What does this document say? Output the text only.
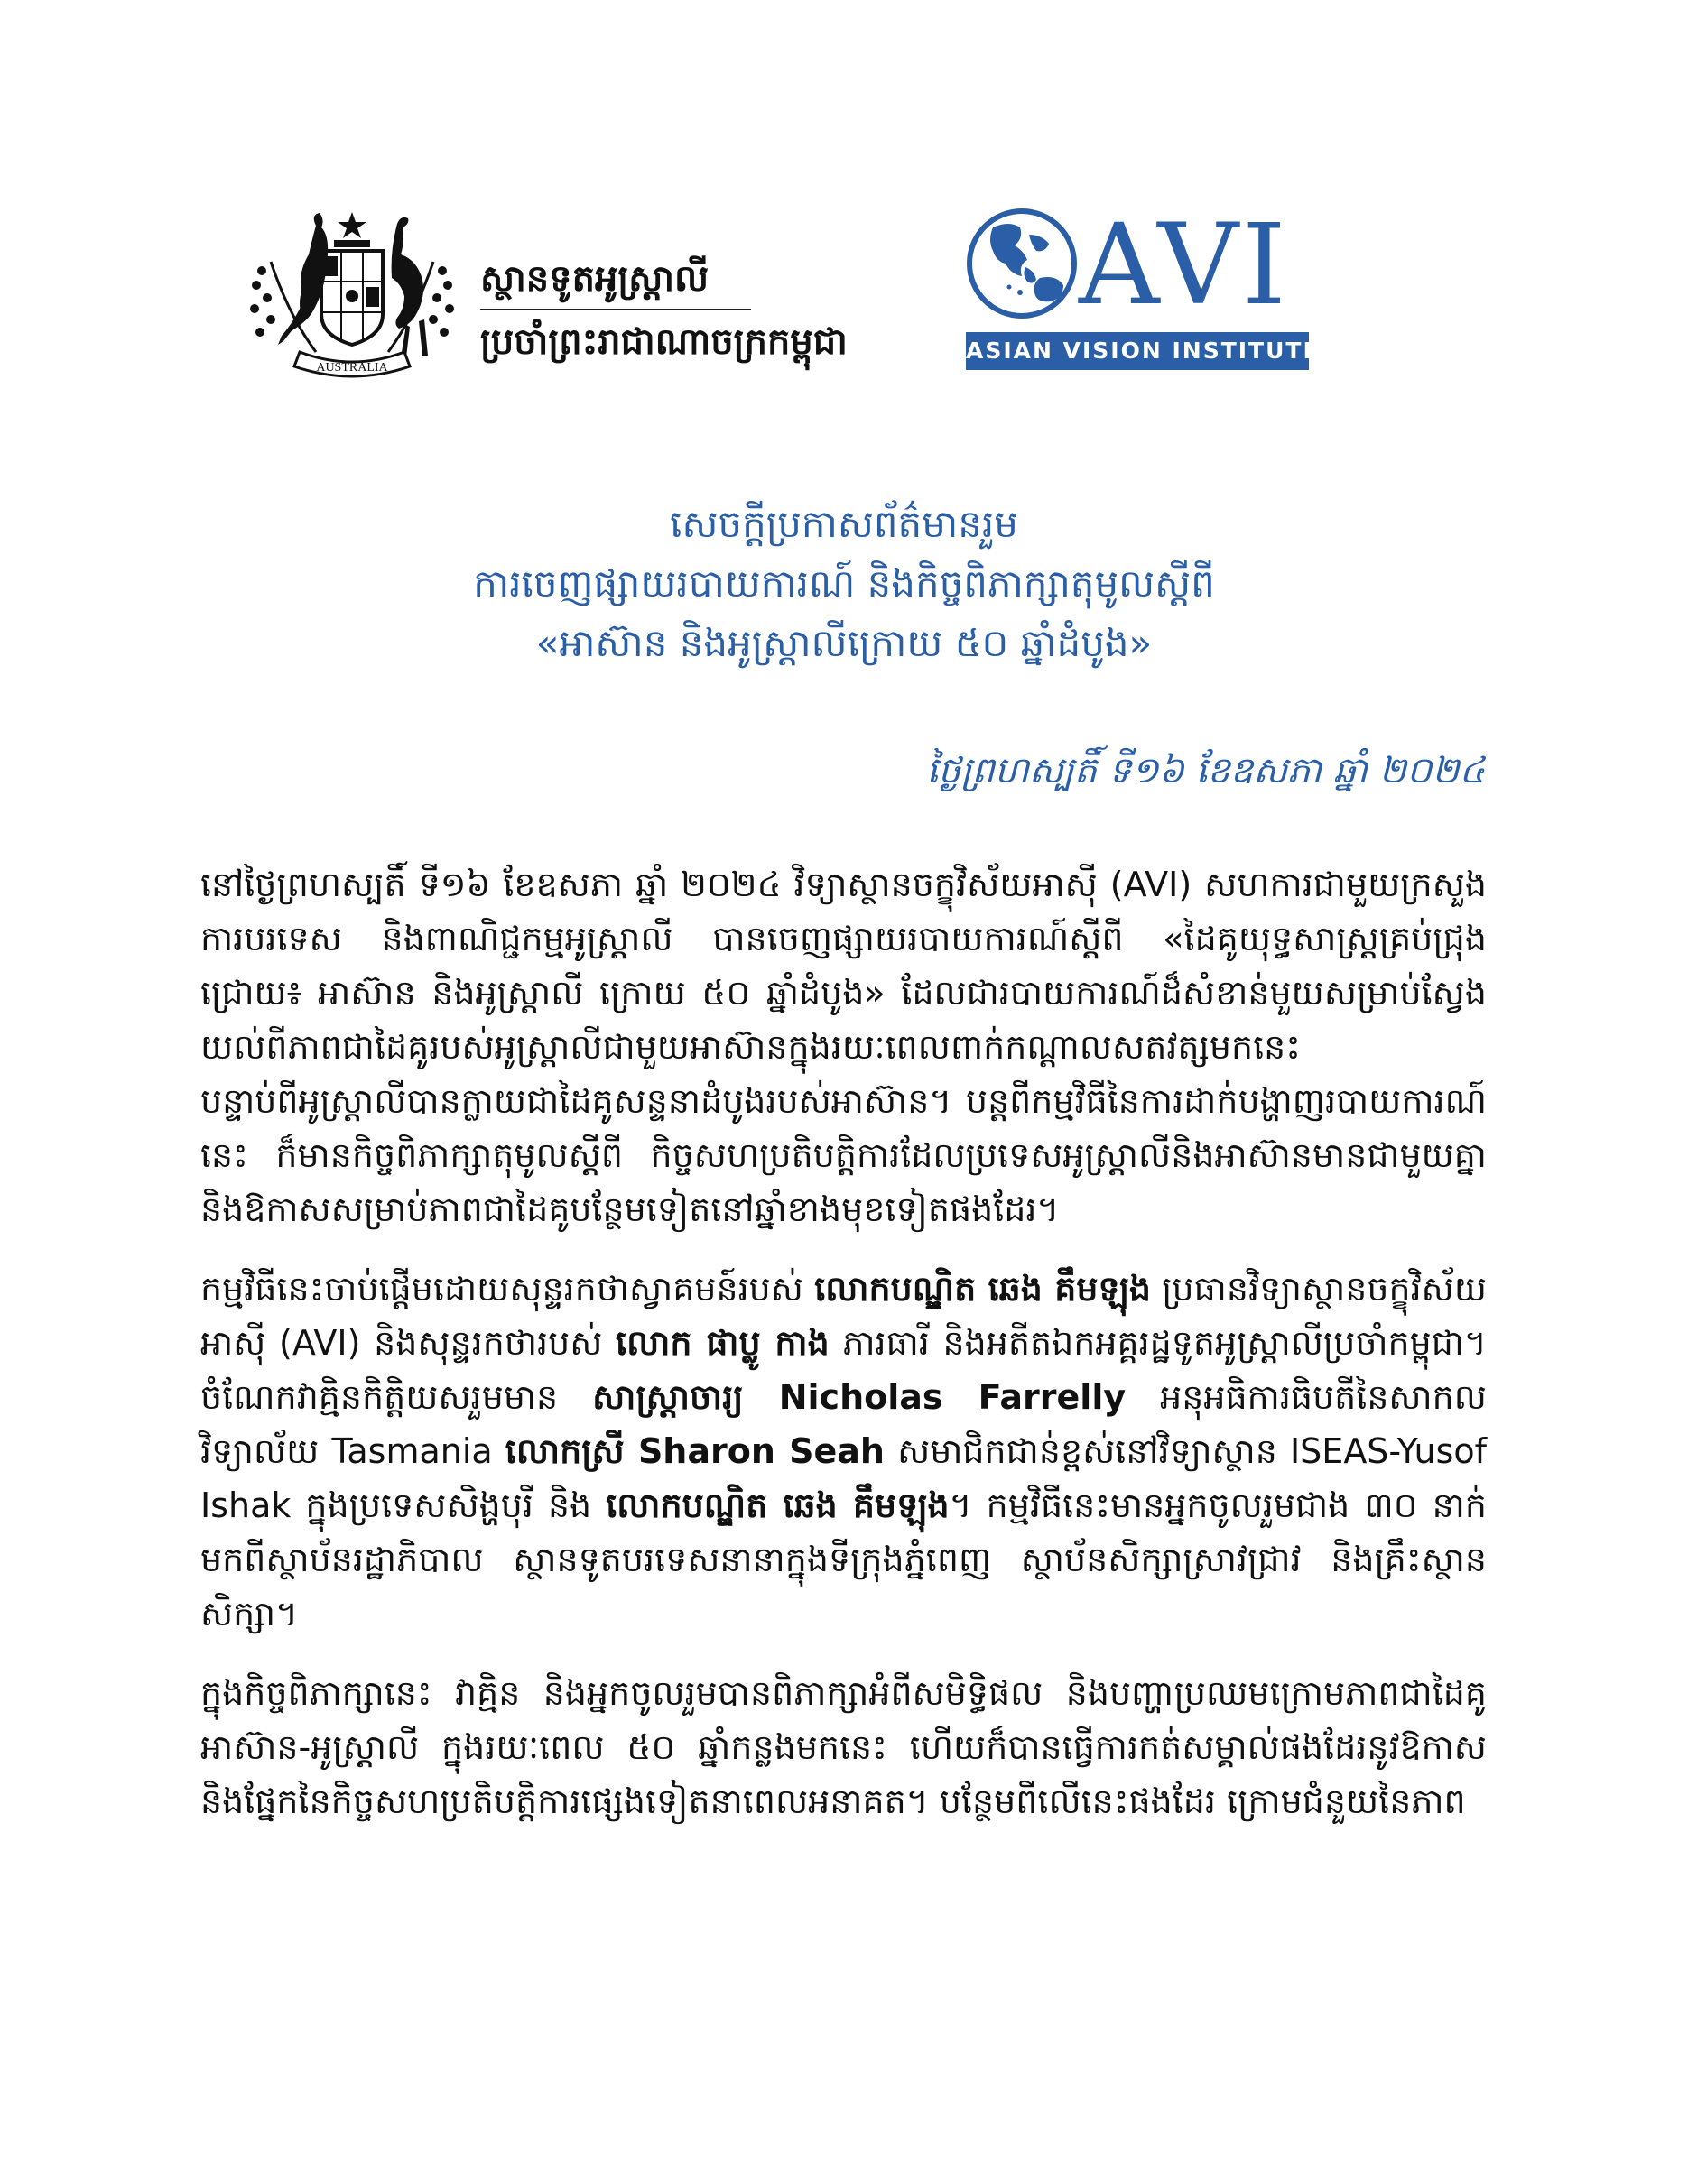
AUSTRALIA
ស្ថានទូតអូស្ត្រាលី
ប្រចាំព្រះរាជាណាចក្រកម្ពុជា
AVI
ASIAN VISION INSTITUTE
សេចក្ដីប្រកាសព័ត៌មានរួម
ការចេញផ្សាយរបាយការណ៍ និងកិច្ចពិភាក្សាតុមូលស្ដីពី
«អាស៊ាន និងអូស្ត្រាលីក្រោយ ៥០ ឆ្នាំដំបូង»
ថ្ងៃព្រហស្បតិ៍ ទី១៦ ខែឧសភា ឆ្នាំ ២០២៤

នៅថ្ងៃព្រហស្បតិ៍ ទី១៦ ខែឧសភា ឆ្នាំ ២០២៤ វិទ្យាស្ថានចក្ខុវិស័យអាស៊ី (AVI) សហការជាមួយក្រសួងការបរទេស និងពាណិជ្ជកម្មអូស្ត្រាលី បានចេញផ្សាយរបាយការណ៍ស្ដីពី «ដៃគូយុទ្ធសាស្ត្រគ្រប់ជ្រុងជ្រោយ៖ អាស៊ាន និងអូស្ត្រាលី ក្រោយ ៥០ ឆ្នាំដំបូង» ដែលជារបាយការណ៍ដ៏សំខាន់មួយសម្រាប់ស្វែងយល់ពីភាពជាដៃគូរបស់អូស្ត្រាលីជាមួយអាស៊ានក្នុងរយៈពេលពាក់កណ្ដាលសតវត្សមកនេះ បន្ទាប់ពីអូស្ត្រាលីបានក្លាយជាដៃគូសន្ទនាដំបូងរបស់អាស៊ាន។ បន្តពីកម្មវិធីនៃការដាក់បង្ហាញរបាយការណ៍នេះ ក៏មានកិច្ចពិភាក្សាតុមូលស្ដីពី កិច្ចសហប្រតិបត្តិការដែលប្រទេសអូស្ត្រាលីនិងអាស៊ានមានជាមួយគ្នា និងឱកាសសម្រាប់ភាពជាដៃគូបន្ថែមទៀតនៅឆ្នាំខាងមុខទៀតផងដែរ។

កម្មវិធីនេះចាប់ផ្ដើមដោយសុន្ទរកថាស្វាគមន៍របស់ លោកបណ្ឌិត ឆេង គឹមឡុង ប្រធានវិទ្យាស្ថានចក្ខុវិស័យអាស៊ី (AVI) និងសុន្ទរកថារបស់ លោក ផាប្លូ កាង ភារធារី និងអតីតឯកអគ្គរដ្ឋទូតអូស្ត្រាលីប្រចាំកម្ពុជា។ ចំណែកវាគ្មិនកិត្តិយសរួមមាន សាស្ត្រាចារ្យ Nicholas Farrelly អនុអធិការធិបតីនៃសាកលវិទ្យាល័យ Tasmania លោកស្រី Sharon Seah សមាជិកជាន់ខ្ពស់នៅវិទ្យាស្ថាន ISEAS-Yusof Ishak ក្នុងប្រទេសសិង្ហបុរី និង លោកបណ្ឌិត ឆេង គឹមឡុង។ កម្មវិធីនេះមានអ្នកចូលរួមជាង ៣០ នាក់មកពីស្ថាប័នរដ្ឋាភិបាល ស្ថានទូតបរទេសនានាក្នុងទីក្រុងភ្នំពេញ ស្ថាប័នសិក្សាស្រាវជ្រាវ និងគ្រឹះស្ថានសិក្សា។

ក្នុងកិច្ចពិភាក្សានេះ វាគ្មិន និងអ្នកចូលរួមបានពិភាក្សាអំពីសមិទ្ធិផល និងបញ្ហាប្រឈមក្រោមភាពជាដៃគូអាស៊ាន-អូស្ត្រាលី ក្នុងរយៈពេល ៥០ ឆ្នាំកន្លងមកនេះ ហើយក៏បានធ្វើការកត់សម្គាល់ផងដែរនូវឱកាស និងផ្នែកនៃកិច្ចសហប្រតិបត្តិការផ្សេងទៀតនាពេលអនាគត។ បន្ថែមពីលើនេះផងដែរ ក្រោមជំនួយនៃភាព
